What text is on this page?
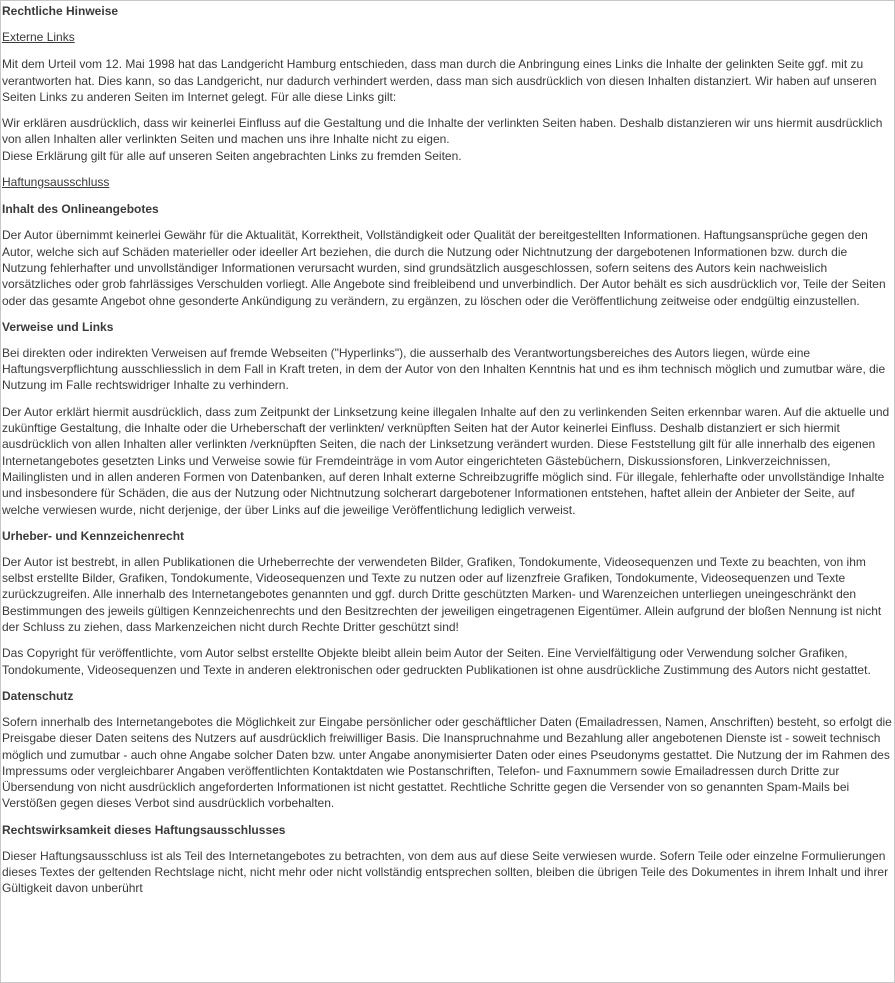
Rechtliche Hinweise
Externe Links

Mit dem Urteil vom 12. Mai 1998 hat das Landgericht Hamburg entschieden, dass man durch die Anbringung eines Links die Inhalte der gelinkten Seite ggf. mit zu verantworten hat. Dies kann, so das Landgericht, nur dadurch verhindert werden, dass man sich ausdrücklich von diesen Inhalten distanziert. Wir haben auf unseren Seiten Links zu anderen Seiten im Internet gelegt. Für alle diese Links gilt:

Wir erklären ausdrücklich, dass wir keinerlei Einfluss auf die Gestaltung und die Inhalte der verlinkten Seiten haben. Deshalb distanzieren wir uns hiermit ausdrücklich von allen Inhalten aller verlinkten Seiten und machen uns ihre Inhalte nicht zu eigen.
Diese Erklärung gilt für alle auf unseren Seiten angebrachten Links zu fremden Seiten.

Haftungsausschluss
Inhalt des Onlineangebotes

Der Autor übernimmt keinerlei Gewähr für die Aktualität, Korrektheit, Vollständigkeit oder Qualität der bereitgestellten Informationen. Haftungsansprüche gegen den Autor, welche sich auf Schäden materieller oder ideeller Art beziehen, die durch die Nutzung oder Nichtnutzung der dargebotenen Informationen bzw. durch die Nutzung fehlerhafter und unvollständiger Informationen verursacht wurden, sind grundsätzlich ausgeschlossen, sofern seitens des Autors kein nachweislich vorsätzliches oder grob fahrlässiges Verschulden vorliegt. Alle Angebote sind freibleibend und unverbindlich. Der Autor behält es sich ausdrücklich vor, Teile der Seiten oder das gesamte Angebot ohne gesonderte Ankündigung zu verändern, zu ergänzen, zu löschen oder die Veröffentlichung zeitweise oder endgültig einzustellen.

Verweise und Links

Bei direkten oder indirekten Verweisen auf fremde Webseiten ("Hyperlinks"), die ausserhalb des Verantwortungsbereiches des Autors liegen, würde eine Haftungsverpflichtung ausschliesslich in dem Fall in Kraft treten, in dem der Autor von den Inhalten Kenntnis hat und es ihm technisch möglich und zumutbar wäre, die Nutzung im Falle rechtswidriger Inhalte zu verhindern.

Der Autor erklärt hiermit ausdrücklich, dass zum Zeitpunkt der Linksetzung keine illegalen Inhalte auf den zu verlinkenden Seiten erkennbar waren. Auf die aktuelle und zukünftige Gestaltung, die Inhalte oder die Urheberschaft der verlinkten/ verknüpften Seiten hat der Autor keinerlei Einfluss. Deshalb distanziert er sich hiermit ausdrücklich von allen Inhalten aller verlinkten /verknüpften Seiten, die nach der Linksetzung verändert wurden. Diese Feststellung gilt für alle innerhalb des eigenen Internetangebotes gesetzten Links und Verweise sowie für Fremdeinträge in vom Autor eingerichteten Gästebüchern, Diskussionsforen, Linkverzeichnissen, Mailinglisten und in allen anderen Formen von Datenbanken, auf deren Inhalt externe Schreibzugriffe möglich sind. Für illegale, fehlerhafte oder unvollständige Inhalte und insbesondere für Schäden, die aus der Nutzung oder Nichtnutzung solcherart dargebotener Informationen entstehen, haftet allein der Anbieter der Seite, auf welche verwiesen wurde, nicht derjenige, der über Links auf die jeweilige Veröffentlichung lediglich verweist.

Urheber- und Kennzeichenrecht

Der Autor ist bestrebt, in allen Publikationen die Urheberrechte der verwendeten Bilder, Grafiken, Tondokumente, Videosequenzen und Texte zu beachten, von ihm selbst erstellte Bilder, Grafiken, Tondokumente, Videosequenzen und Texte zu nutzen oder auf lizenzfreie Grafiken, Tondokumente, Videosequenzen und Texte zurückzugreifen. Alle innerhalb des Internetangebotes genannten und ggf. durch Dritte geschützten Marken- und Warenzeichen unterliegen uneingeschränkt den Bestimmungen des jeweils gültigen Kennzeichenrechts und den Besitzrechten der jeweiligen eingetragenen Eigentümer. Allein aufgrund der bloßen Nennung ist nicht der Schluss zu ziehen, dass Markenzeichen nicht durch Rechte Dritter geschützt sind!

Das Copyright für veröffentlichte, vom Autor selbst erstellte Objekte bleibt allein beim Autor der Seiten. Eine Vervielfältigung oder Verwendung solcher Grafiken, Tondokumente, Videosequenzen und Texte in anderen elektronischen oder gedruckten Publikationen ist ohne ausdrückliche Zustimmung des Autors nicht gestattet.

Datenschutz

Sofern innerhalb des Internetangebotes die Möglichkeit zur Eingabe persönlicher oder geschäftlicher Daten (Emailadressen, Namen, Anschriften) besteht, so erfolgt die Preisgabe dieser Daten seitens des Nutzers auf ausdrücklich freiwilliger Basis. Die Inanspruchnahme und Bezahlung aller angebotenen Dienste ist - soweit technisch möglich und zumutbar - auch ohne Angabe solcher Daten bzw. unter Angabe anonymisierter Daten oder eines Pseudonyms gestattet. Die Nutzung der im Rahmen des Impressums oder vergleichbarer Angaben veröffentlichten Kontaktdaten wie Postanschriften, Telefon- und Faxnummern sowie Emailadressen durch Dritte zur Übersendung von nicht ausdrücklich angeforderten Informationen ist nicht gestattet. Rechtliche Schritte gegen die Versender von so genannten Spam-Mails bei Verstößen gegen dieses Verbot sind ausdrücklich vorbehalten.

Rechtswirksamkeit dieses Haftungsausschlusses

Dieser Haftungsausschluss ist als Teil des Internetangebotes zu betrachten, von dem aus auf diese Seite verwiesen wurde. Sofern Teile oder einzelne Formulierungen dieses Textes der geltenden Rechtslage nicht, nicht mehr oder nicht vollständig entsprechen sollten, bleiben die übrigen Teile des Dokumentes in ihrem Inhalt und ihrer Gültigkeit davon unberührt
